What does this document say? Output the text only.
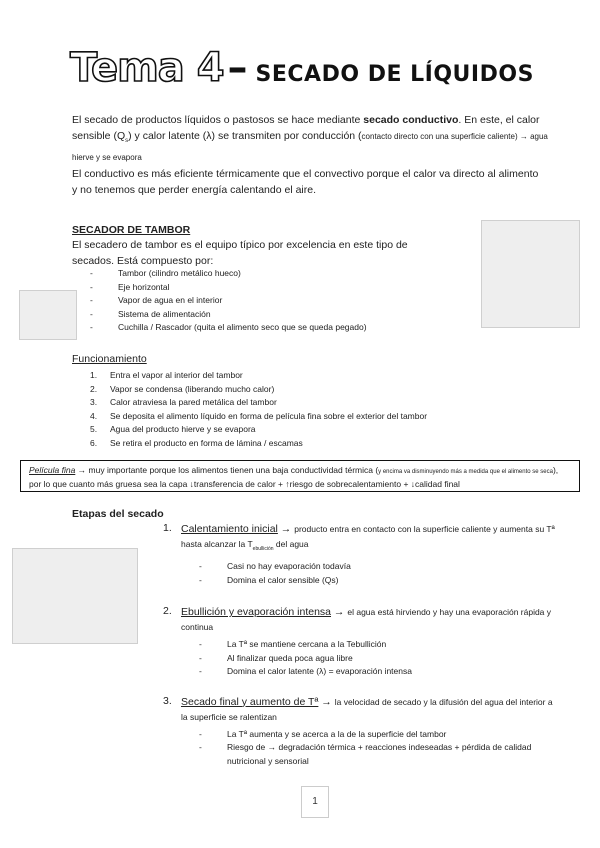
Tema 4 – SECADO DE LÍQUIDOS
El secado de productos líquidos o pastosos se hace mediante secado conductivo. En este, el calor sensible $(Q_s)$ y calor latente (λ) se transmiten por conducción (contacto directo con una superficie caliente) → agua hierve y se evapora
El conductivo es más eficiente térmicamente que el convectivo porque el calor va directo al alimento y no tenemos que perder energía calentando el aire.
SECADOR DE TAMBOR
El secadero de tambor es el equipo típico por excelencia en este tipo de secados. Está compuesto por:
-	Tambor (cilindro metálico hueco)
-	Eje horizontal
-	Vapor de agua en el interior
-	Sistema de alimentación
-	Cuchilla / Rascador (quita el alimento seco que se queda pegado)
Funcionamiento
1. Entra el vapor al interior del tambor
2. Vapor se condensa (liberando mucho calor)
3. Calor atraviesa la pared metálica del tambor
4. Se deposita el alimento líquido en forma de película fina sobre el exterior del tambor
5. Agua del producto hierve y se evapora
6. Se retira el producto en forma de lámina / escamas
Película fina → muy importante porque los alimentos tienen una baja conductividad térmica (y encima va disminuyendo más a medida que el alimento se seca), por lo que cuanto más gruesa sea la capa ↓transferencia de calor + ↑riesgo de sobrecalentamiento + ↓calidad final
Etapas del secado
1. Calentamiento inicial → producto entra en contacto con la superficie caliente y aumenta su Tª hasta alcanzar la $T_{ebullición}$ del agua
-	Casi no hay evaporación todavía
-	Domina el calor sensible (Qs)
2. Ebullición y evaporación intensa → el agua está hirviendo y hay una evaporación rápida y continua
-	La Tª se mantiene cercana a la Tebullición
-	Al finalizar queda poca agua libre
-	Domina el calor latente (λ) = evaporación intensa
3. Secado final y aumento de Tª → la velocidad de secado y la difusión del agua del interior a la superficie se ralentizan
-	La Tª aumenta y se acerca a la de la superficie del tambor
-	Riesgo de → degradación térmica + reacciones indeseadas + pérdida de calidad nutricional y sensorial
1
